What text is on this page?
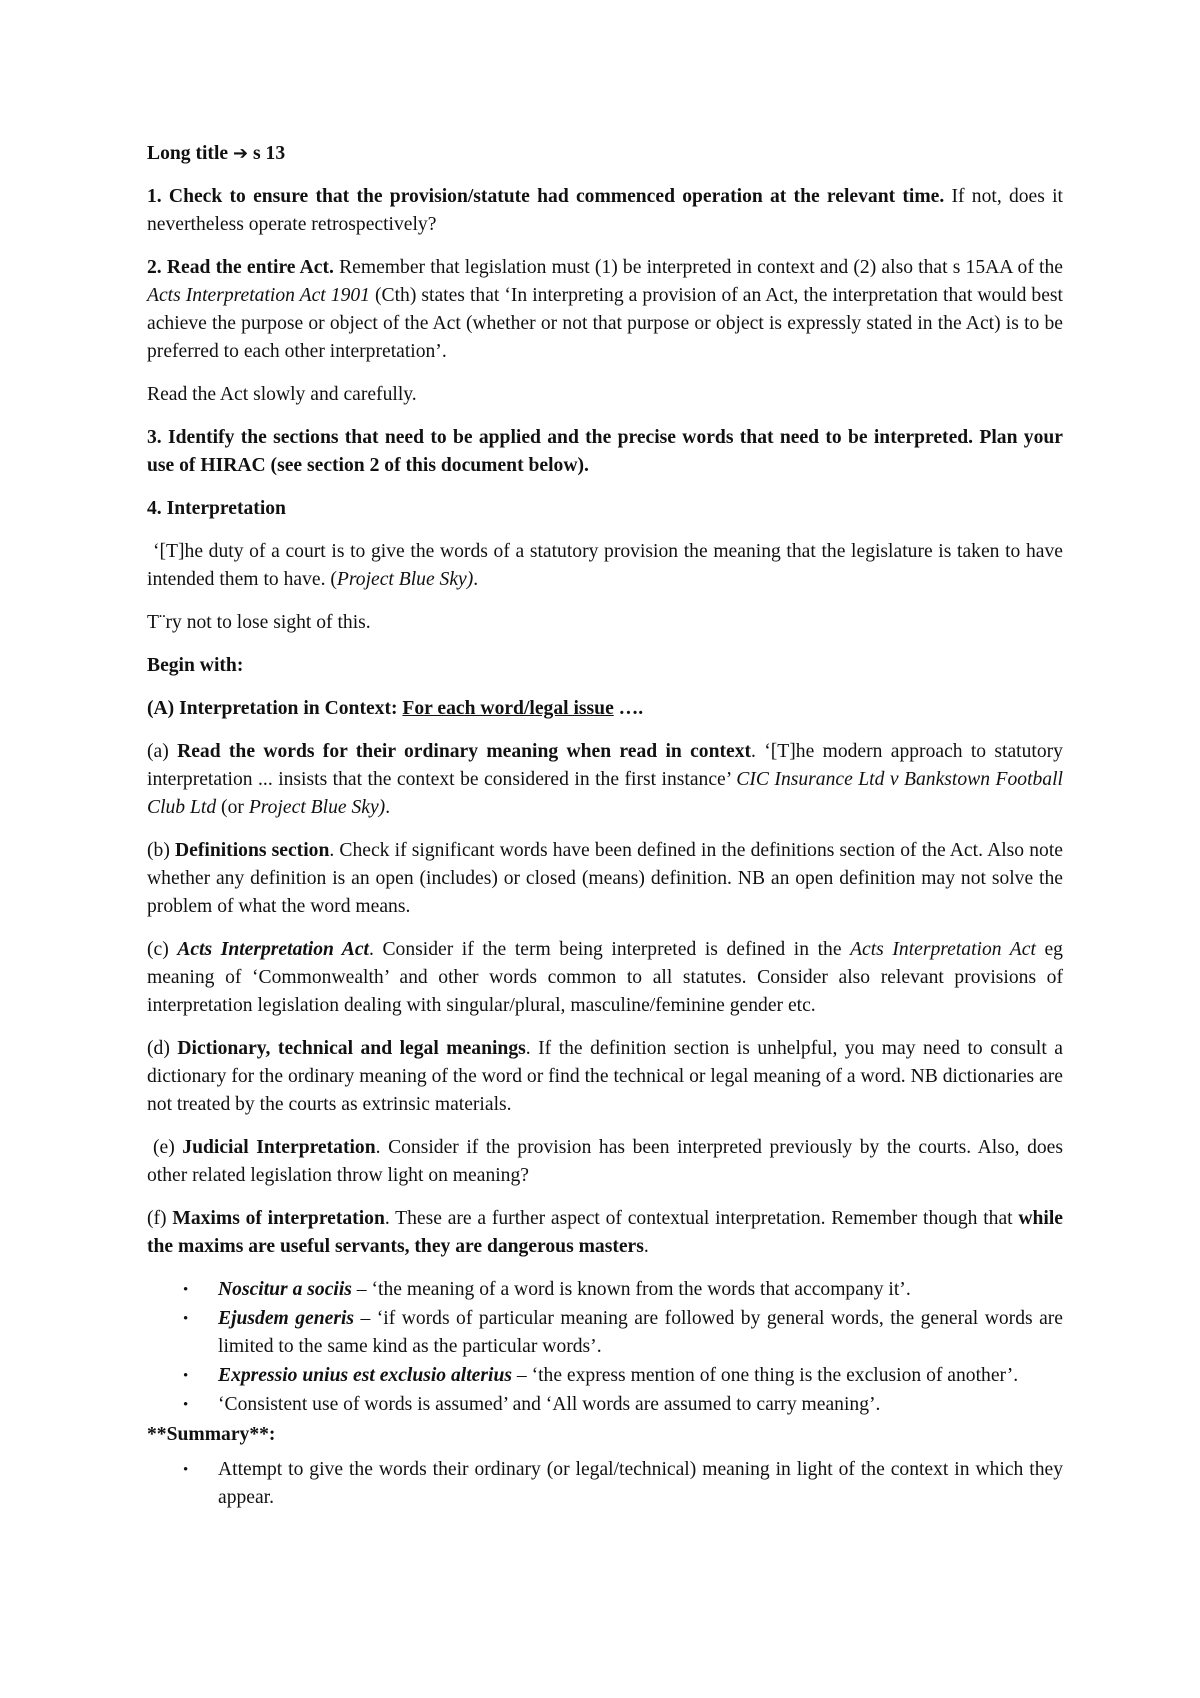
Long title ➔ s 13

1. Check to ensure that the provision/statute had commenced operation at the relevant time. If not, does it nevertheless operate retrospectively?

2. Read the entire Act. Remember that legislation must (1) be interpreted in context and (2) also that s 15AA of the Acts Interpretation Act 1901 (Cth) states that ‘In interpreting a provision of an Act, the interpretation that would best achieve the purpose or object of the Act (whether or not that purpose or object is expressly stated in the Act) is to be preferred to each other interpretation’.

Read the Act slowly and carefully.

3. Identify the sections that need to be applied and the precise words that need to be interpreted. Plan your use of HIRAC (see section 2 of this document below).

4. Interpretation

‘[T]he duty of a court is to give the words of a statutory provision the meaning that the legislature is taken to have intended them to have. (Project Blue Sky).

T¨ry not to lose sight of this.

Begin with:

(A) Interpretation in Context: For each word/legal issue ….

(a) Read the words for their ordinary meaning when read in context. ‘[T]he modern approach to statutory interpretation ... insists that the context be considered in the first instance’ CIC Insurance Ltd v Bankstown Football Club Ltd (or Project Blue Sky).

(b) Definitions section. Check if significant words have been defined in the definitions section of the Act. Also note whether any definition is an open (includes) or closed (means) definition. NB an open definition may not solve the problem of what the word means.

(c) Acts Interpretation Act. Consider if the term being interpreted is defined in the Acts Interpretation Act eg meaning of ‘Commonwealth’ and other words common to all statutes. Consider also relevant provisions of interpretation legislation dealing with singular/plural, masculine/feminine gender etc.

(d) Dictionary, technical and legal meanings. If the definition section is unhelpful, you may need to consult a dictionary for the ordinary meaning of the word or find the technical or legal meaning of a word. NB dictionaries are not treated by the courts as extrinsic materials.

(e) Judicial Interpretation. Consider if the provision has been interpreted previously by the courts. Also, does other related legislation throw light on meaning?

(f) Maxims of interpretation. These are a further aspect of contextual interpretation. Remember though that while the maxims are useful servants, they are dangerous masters.

• Noscitur a sociis – ‘the meaning of a word is known from the words that accompany it’.
• Ejusdem generis – ‘if words of particular meaning are followed by general words, the general words are limited to the same kind as the particular words’.
• Expressio unius est exclusio alterius – ‘the express mention of one thing is the exclusion of another’.
• ‘Consistent use of words is assumed’ and ‘All words are assumed to carry meaning’.

**Summary**:

• Attempt to give the words their ordinary (or legal/technical) meaning in light of the context in which they appear.
